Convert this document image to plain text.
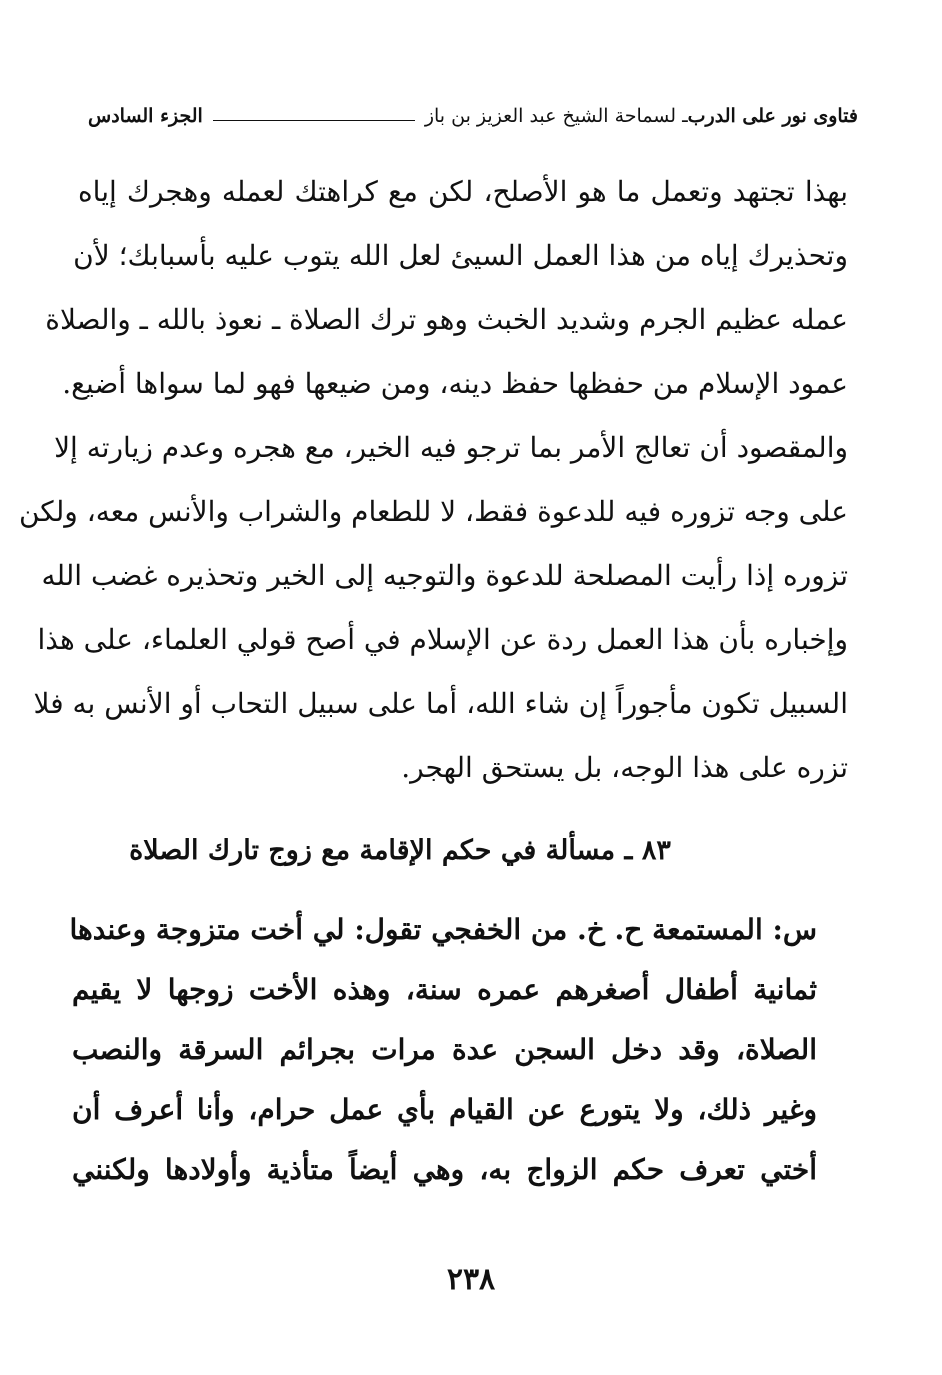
فتاوى نور على الدرب
ـ لسماحة الشيخ عبد العزيز بن باز
الجزء السادس
بهذا تجتهد وتعمل ما هو الأصلح، لكن مع كراهتك لعمله وهجرك إياه
وتحذيرك إياه من هذا العمل السيئ لعل الله يتوب عليه بأسبابك؛ لأن
عمله عظيم الجرم وشديد الخبث وهو ترك الصلاة ـ نعوذ بالله ـ والصلاة
عمود الإسلام من حفظها حفظ دينه، ومن ضيعها فهو لما سواها أضيع.
والمقصود أن تعالج الأمر بما ترجو فيه الخير، مع هجره وعدم زيارته إلا
على وجه تزوره فيه للدعوة فقط، لا للطعام والشراب والأنس معه، ولكن
تزوره إذا رأيت المصلحة للدعوة والتوجيه إلى الخير وتحذيره غضب الله
وإخباره بأن هذا العمل ردة عن الإسلام في أصح قولي العلماء، على هذا
السبيل تكون مأجوراً إن شاء الله، أما على سبيل التحاب أو الأنس به فلا
تزره على هذا الوجه، بل يستحق الهجر.
٨٣ ـ مسألة في حكم الإقامة مع زوج تارك الصلاة
س: المستمعة ح. خ. من الخفجي تقول: لي أخت متزوجة وعندها
ثمانية أطفال أصغرهم عمره سنة، وهذه الأخت زوجها لا يقيم
الصلاة، وقد دخل السجن عدة مرات بجرائم السرقة والنصب
وغير ذلك، ولا يتورع عن القيام بأي عمل حرام، وأنا أعرف أن
أختي تعرف حكم الزواج به، وهي أيضاً متأذية وأولادها ولكنني
٢٣٨
